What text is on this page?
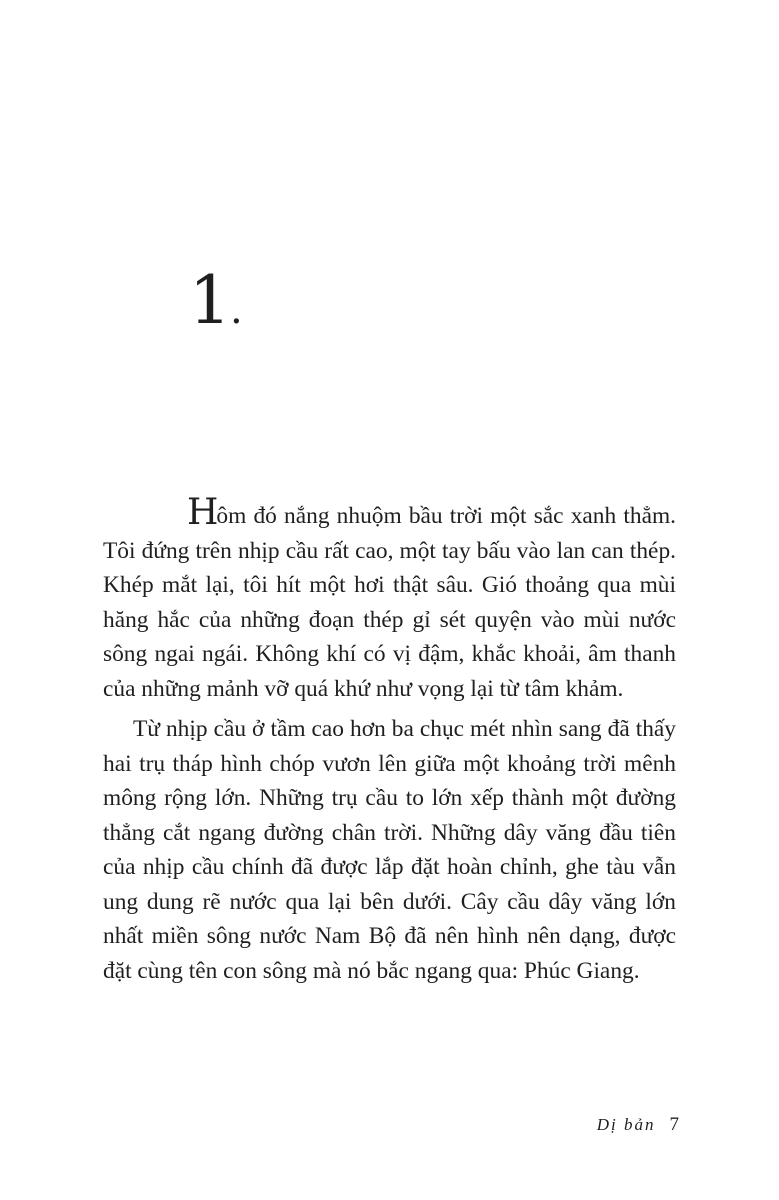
1.

Hôm đó nắng nhuộm bầu trời một sắc xanh thẳm. Tôi đứng trên nhịp cầu rất cao, một tay bấu vào lan can thép. Khép mắt lại, tôi hít một hơi thật sâu. Gió thoảng qua mùi hăng hắc của những đoạn thép gỉ sét quyện vào mùi nước sông ngai ngái. Không khí có vị đậm, khắc khoải, âm thanh của những mảnh vỡ quá khứ như vọng lại từ tâm khảm.

Từ nhịp cầu ở tầm cao hơn ba chục mét nhìn sang đã thấy hai trụ tháp hình chóp vươn lên giữa một khoảng trời mênh mông rộng lớn. Những trụ cầu to lớn xếp thành một đường thẳng cắt ngang đường chân trời. Những dây văng đầu tiên của nhịp cầu chính đã được lắp đặt hoàn chỉnh, ghe tàu vẫn ung dung rẽ nước qua lại bên dưới. Cây cầu dây văng lớn nhất miền sông nước Nam Bộ đã nên hình nên dạng, được đặt cùng tên con sông mà nó bắc ngang qua: Phúc Giang.

Dị bản 7
